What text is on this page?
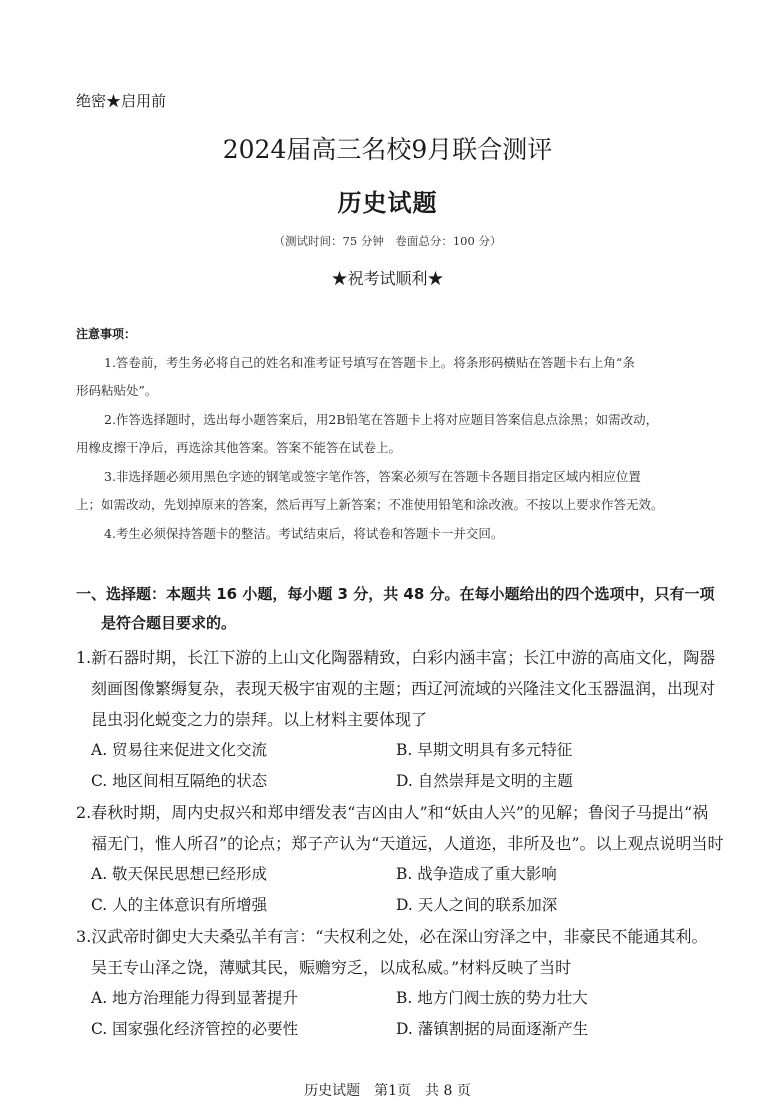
绝密★启用前
2024届高三名校9月联合测评
历史试题
（测试时间：75 分钟　卷面总分：100 分）
★祝考试顺利★
注意事项：
1.答卷前，考生务必将自己的姓名和准考证号填写在答题卡上。将条形码横贴在答题卡右上角“条
形码粘贴处”。
2.作答选择题时，选出每小题答案后，用2B铅笔在答题卡上将对应题目答案信息点涂黑；如需改动，
用橡皮擦干净后，再选涂其他答案。答案不能答在试卷上。
3.非选择题必须用黑色字迹的钢笔或签字笔作答，答案必须写在答题卡各题目指定区域内相应位置
上；如需改动，先划掉原来的答案，然后再写上新答案；不准使用铅笔和涂改液。不按以上要求作答无效。
4.考生必须保持答题卡的整洁。考试结束后，将试卷和答题卡一并交回。
一、选择题：本题共 16 小题，每小题 3 分，共 48 分。在每小题给出的四个选项中，只有一项
是符合题目要求的。
1.新石器时期，长江下游的上山文化陶器精致，白彩内涵丰富；长江中游的高庙文化，陶器
刻画图像繁缛复杂，表现天极宇宙观的主题；西辽河流域的兴隆洼文化玉器温润，出现对
昆虫羽化蜕变之力的崇拜。以上材料主要体现了
A. 贸易往来促进文化交流	B. 早期文明具有多元特征
C. 地区间相互隔绝的状态	D. 自然崇拜是文明的主题
2.春秋时期，周内史叔兴和郑申缙发表“吉凶由人”和“妖由人兴”的见解；鲁闵子马提出“祸
福无门，惟人所召”的论点；郑子产认为“天道远，人道迩，非所及也”。以上观点说明当时
A. 敬天保民思想已经形成	B. 战争造成了重大影响
C. 人的主体意识有所增强	D. 天人之间的联系加深
3.汉武帝时御史大夫桑弘羊有言：“夫权利之处，必在深山穷泽之中，非豪民不能通其利。
吴王专山泽之饶，薄赋其民，赈赡穷乏，以成私威。”材料反映了当时
A. 地方治理能力得到显著提升	B. 地方门阀士族的势力壮大
C. 国家强化经济管控的必要性	D. 藩镇割据的局面逐渐产生
历史试题　第1页　共 8 页
